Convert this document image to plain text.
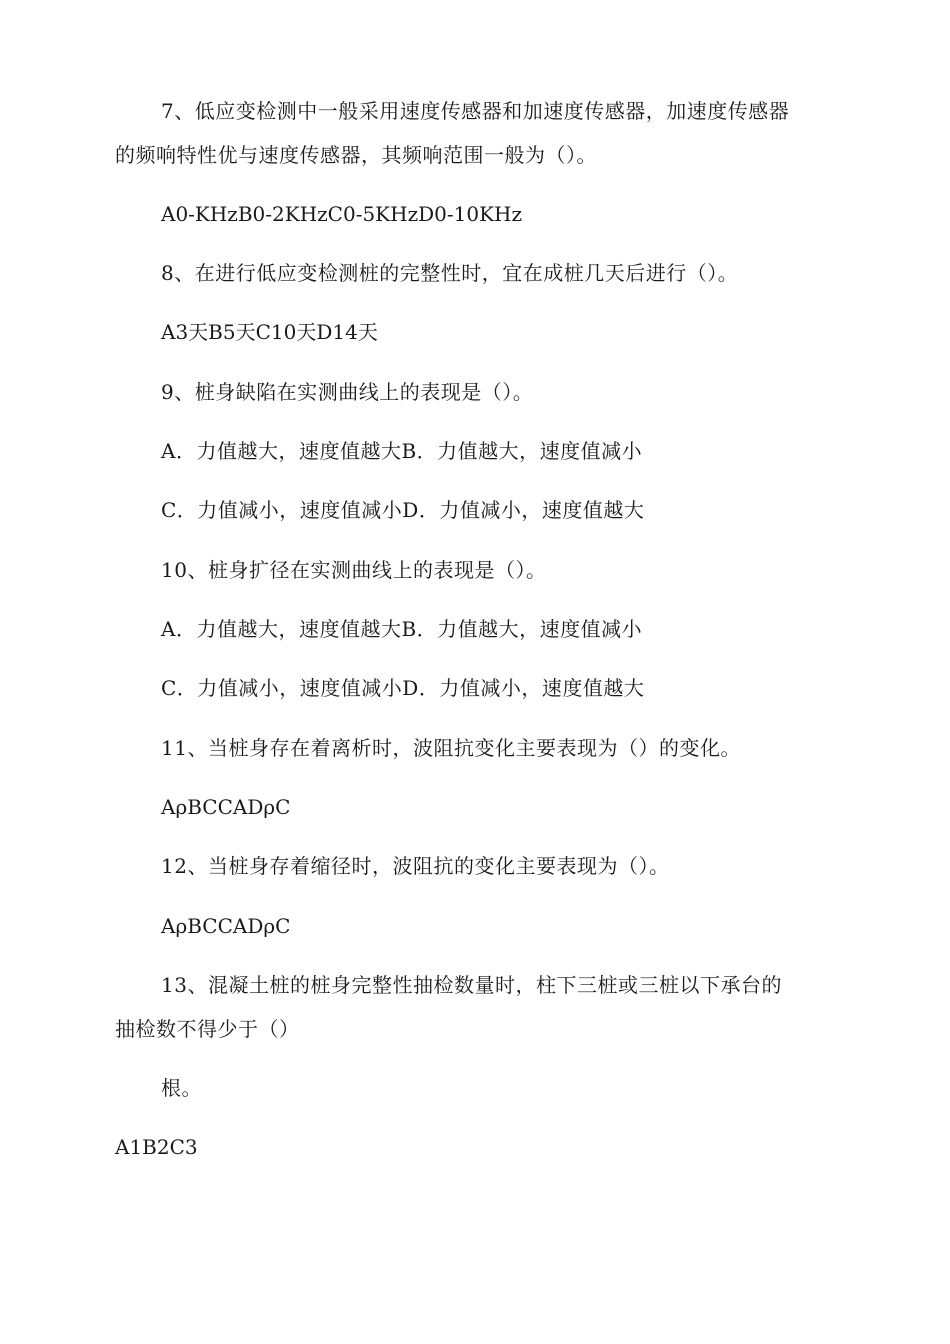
7、低应变检测中一般采用速度传感器和加速度传感器，加速度传感器
的频响特性优与速度传感器，其频响范围一般为（）。
A0-KHzB0-2KHzC0-5KHzD0-10KHz
8、在进行低应变检测桩的完整性时，宜在成桩几天后进行（）。
A3天B5天C10天D14天
9、桩身缺陷在实测曲线上的表现是（）。
A．力值越大，速度值越大B．力值越大，速度值减小
C．力值减小，速度值减小D．力值减小，速度值越大
10、桩身扩径在实测曲线上的表现是（）。
A．力值越大，速度值越大B．力值越大，速度值减小
C．力值减小，速度值减小D．力值减小，速度值越大
11、当桩身存在着离析时，波阻抗变化主要表现为（）的变化。
AρBCCADρC
12、当桩身存着缩径时，波阻抗的变化主要表现为（）。
AρBCCADρC
13、混凝土桩的桩身完整性抽检数量时，柱下三桩或三桩以下承台的
抽检数不得少于（）
根。
A1B2C3
